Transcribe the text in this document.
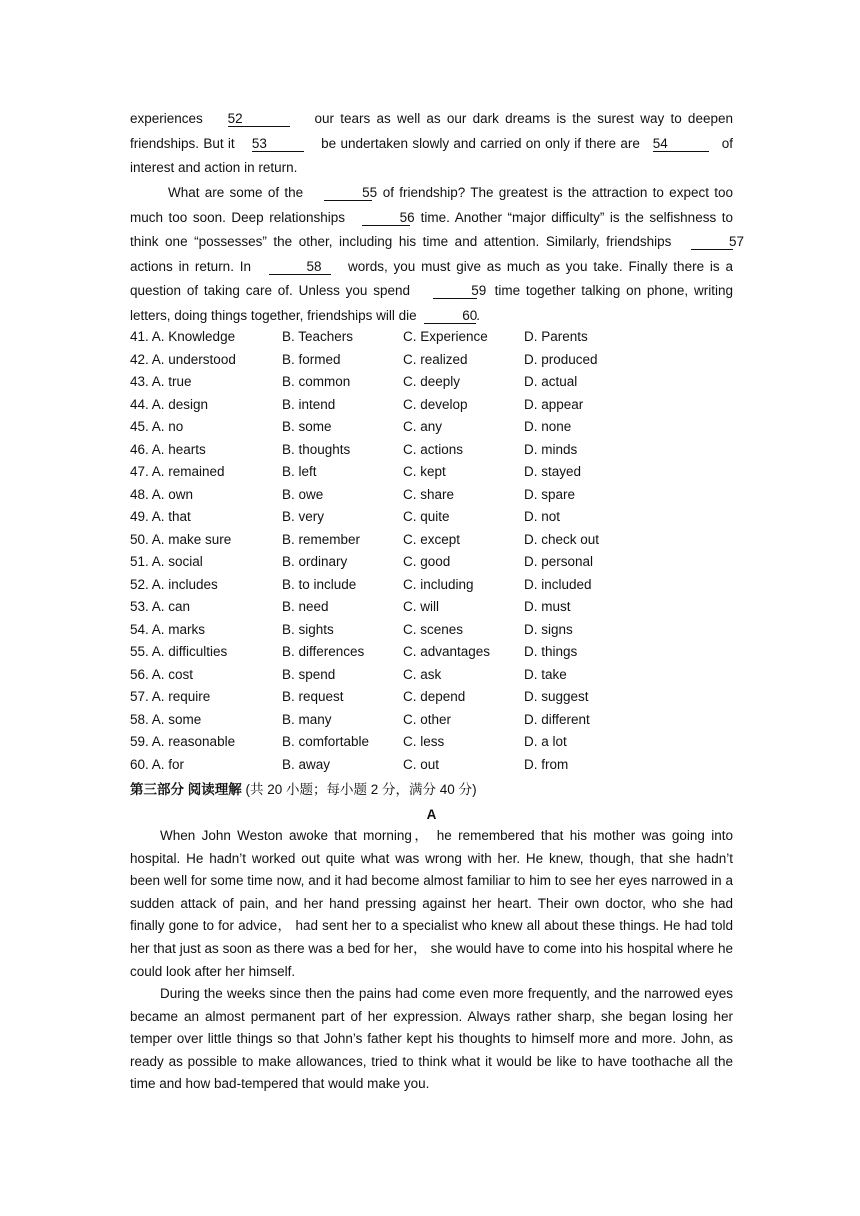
experiences 52	our tears as well as our dark dreams is the surest way to deepen friendships. But it 53	be undertaken slowly and carried on only if there are 54	of interest and action in return.

What are some of the	55 of friendship? The greatest is the attraction to expect too much too soon. Deep relationships	56 time. Another “major difficulty” is the selfishness to think one “possesses” the other, including his time and attention. Similarly, friendships	57 actions in return. In	58 words, you must give as much as you take. Finally there is a question of taking care of. Unless you spend	59 time together talking on phone, writing letters, doing things together, friendships will die	60.

41. A. Knowledge	B. Teachers	C. Experience	D. Parents
42. A. understood	B. formed	C. realized	D. produced
43. A. true	B. common	C. deeply	D. actual
44. A. design	B. intend	C. develop	D. appear
45. A. no	B. some	C. any	D. none
46. A. hearts	B. thoughts	C. actions	D. minds
47. A. remained	B. left	C. kept	D. stayed
48. A. own	B. owe	C. share	D. spare
49. A. that	B. very	C. quite	D. not
50. A. make sure	B. remember	C. except	D. check out
51. A. social	B. ordinary	C. good	D. personal
52. A. includes	B. to include	C. including	D. included
53. A. can	B. need	C. will	D. must
54. A. marks	B. sights	C. scenes	D. signs
55. A. difficulties	B. differences	C. advantages	D. things
56. A. cost	B. spend	C. ask	D. take
57. A. require	B. request	C. depend	D. suggest
58. A. some	B. many	C. other	D. different
59. A. reasonable	B. comfortable	C. less	D. a lot
60. A. for	B. away	C. out	D. from
第三部分 阅读理解 (共 20 小题；每小题 2 分，满分 40 分)
A

When John Weston awoke that morning， he remembered that his mother was going into hospital. He hadn’t worked out quite what was wrong with her. He knew, though, that she hadn’t been well for some time now, and it had become almost familiar to him to see her eyes narrowed in a sudden attack of pain, and her hand pressing against her heart. Their own doctor, who she had finally gone to for advice， had sent her to a specialist who knew all about these things. He had told her that just as soon as there was a bed for her， she would have to come into his hospital where he could look after her himself.

During the weeks since then the pains had come even more frequently, and the narrowed eyes became an almost permanent part of her expression. Always rather sharp, she began losing her temper over little things so that John’s father kept his thoughts to himself more and more. John, as ready as possible to make allowances, tried to think what it would be like to have toothache all the time and how bad-tempered that would make you.
